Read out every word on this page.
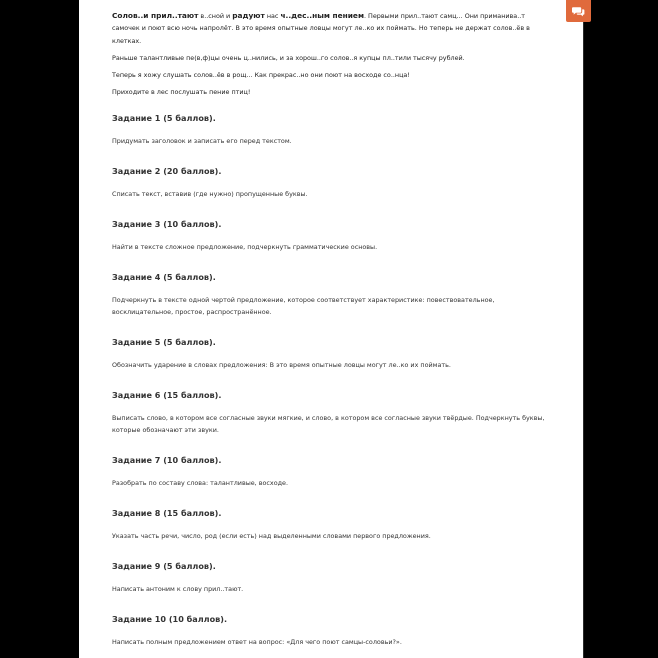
Солов..и прил..тают в..сной и радуют нас ч..дес..ным пением. Первыми прил..тают самц... Они приманива..т самочек и поют всю ночь напролёт. В это время опытные ловцы могут ле..ко их поймать. Но теперь не держат солов..ёв в клетках.

Раньше талантливые пе(в,ф)цы очень ц..нились, и за хорош..го солов..я купцы пл..тили тысячу рублей.

Теперь я хожу слушать солов..ёв в рощ... Как прекрас..но они поют на восходе со..нца!

Приходите в лес послушать пение птиц!

Задание 1 (5 баллов).
Придумать заголовок и записать его перед текстом.
Задание 2 (20 баллов).
Списать текст, вставив (где нужно) пропущенные буквы.
Задание 3 (10 баллов).
Найти в тексте сложное предложение, подчеркнуть грамматические основы.
Задание 4 (5 баллов).
Подчеркнуть в тексте одной чертой предложение, которое соответствует характеристике: повествовательное, восклицательное, простое, распространённое.
Задание 5 (5 баллов).
Обозначить ударение в словах предложения: В это время опытные ловцы могут ле..ко их поймать.
Задание 6 (15 баллов).
Выписать слово, в котором все согласные звуки мягкие, и слово, в котором все согласные звуки твёрдые. Подчеркнуть буквы, которые обозначают эти звуки.
Задание 7 (10 баллов).
Разобрать по составу слова: талантливые, восходе.
Задание 8 (15 баллов).
Указать часть речи, число, род (если есть) над выделенными словами первого предложения.
Задание 9 (5 баллов).
Написать антоним к слову прил..тают.
Задание 10 (10 баллов).
Написать полным предложением ответ на вопрос: «Для чего поют самцы-соловьи?».
